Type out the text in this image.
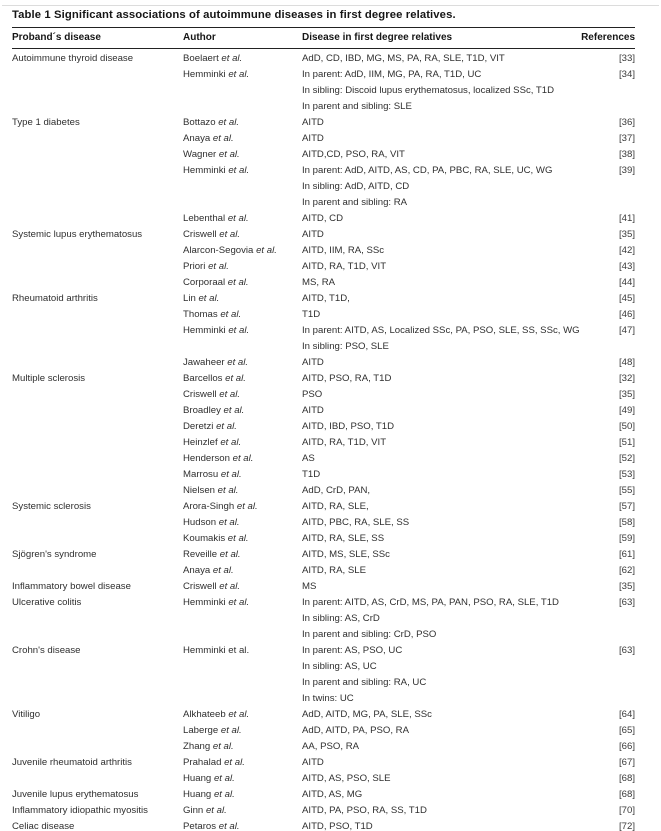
Table 1 Significant associations of autoimmune diseases in first degree relatives.
Proband´s disease	Author	Disease in first degree relatives	References
Autoimmune thyroid disease	Boelaert et al.	AdD, CD, IBD, MG, MS, PA, RA, SLE, T1D, VIT	[33]
	Hemminki et al.	In parent: AdD, IIM, MG, PA, RA, T1D, UC	[34]
		In sibling: Discoid lupus erythematosus, localized SSc, T1D	
		In parent and sibling: SLE	
Type 1 diabetes	Bottazo et al.	AITD	[36]
	Anaya et al.	AITD	[37]
	Wagner et al.	AITD,CD, PSO, RA, VIT	[38]
	Hemminki et al.	In parent: AdD, AITD, AS, CD, PA, PBC, RA, SLE, UC, WG	[39]
		In sibling: AdD, AITD, CD	
		In parent and sibling: RA	
	Lebenthal et al.	AITD, CD	[41]
Systemic lupus erythematosus	Criswell et al.	AITD	[35]
	Alarcon-Segovia et al.	AITD, IIM, RA, SSc	[42]
	Priori et al.	AITD, RA, T1D, VIT	[43]
	Corporaal et al.	MS, RA	[44]
Rheumatoid arthritis	Lin et al.	AITD, T1D,	[45]
	Thomas et al.	T1D	[46]
	Hemminki et al.	In parent: AITD, AS, Localized SSc, PA, PSO, SLE, SS, SSc, WG	[47]
		In sibling: PSO, SLE	
	Jawaheer et al.	AITD	[48]
Multiple sclerosis	Barcellos et al.	AITD, PSO, RA, T1D	[32]
	Criswell et al.	PSO	[35]
	Broadley et al.	AITD	[49]
	Deretzi et al.	AITD, IBD, PSO, T1D	[50]
	Heinzlef et al.	AITD, RA, T1D, VIT	[51]
	Henderson et al.	AS	[52]
	Marrosu et al.	T1D	[53]
	Nielsen et al.	AdD, CrD, PAN,	[55]
Systemic sclerosis	Arora-Singh et al.	AITD, RA, SLE,	[57]
	Hudson et al.	AITD, PBC, RA, SLE, SS	[58]
	Koumakis et al.	AITD, RA, SLE, SS	[59]
Sjögren's syndrome	Reveille et al.	AITD, MS, SLE, SSc	[61]
	Anaya et al.	AITD, RA, SLE	[62]
Inflammatory bowel disease	Criswell et al.	MS	[35]
Ulcerative colitis	Hemminki et al.	In parent: AITD, AS, CrD, MS, PA, PAN, PSO, RA, SLE, T1D	[63]
		In sibling: AS, CrD	
		In parent and sibling: CrD, PSO	
Crohn's disease	Hemminki et al.	In parent: AS, PSO, UC	[63]
		In sibling: AS, UC	
		In parent and sibling: RA, UC	
		In twins: UC	
Vitiligo	Alkhateeb et al.	AdD, AITD, MG, PA, SLE, SSc	[64]
	Laberge et al.	AdD, AITD, PA, PSO, RA	[65]
	Zhang et al.	AA, PSO, RA	[66]
Juvenile rheumatoid arthritis	Prahalad et al.	AITD	[67]
	Huang et al.	AITD, AS, PSO, SLE	[68]
Juvenile lupus erythematosus	Huang et al.	AITD, AS, MG	[68]
Inflammatory idiopathic myositis	Ginn et al.	AITD, PA, PSO, RA, SS, T1D	[70]
Celiac disease	Petaros et al.	AITD, PSO, T1D	[72]
